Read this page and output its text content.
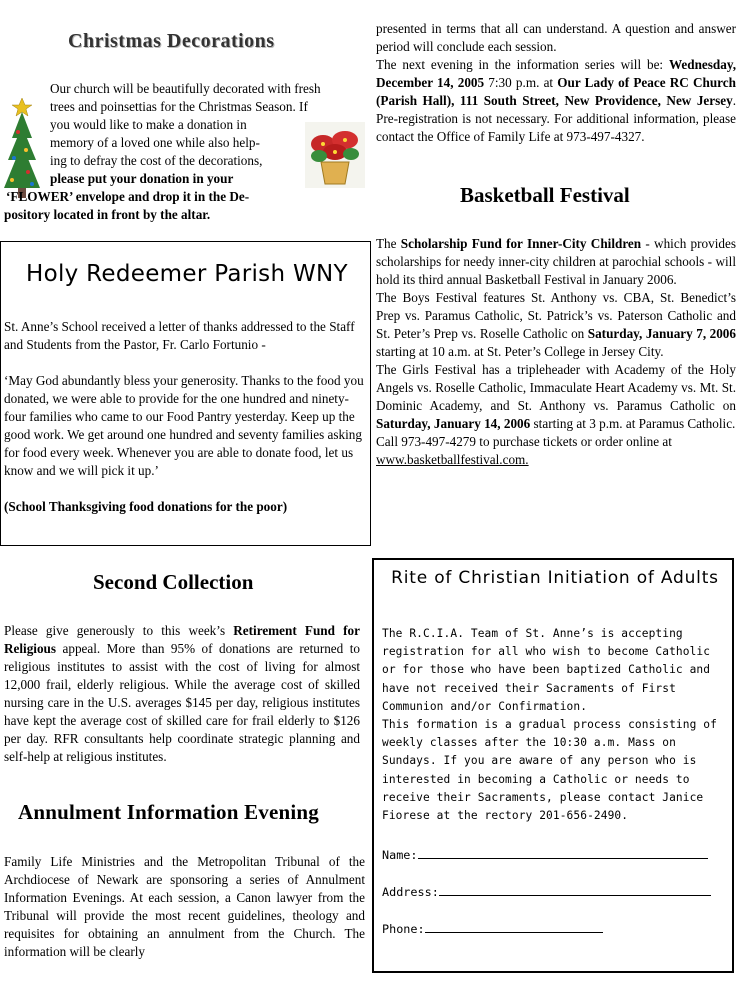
Christmas Decorations
Our church will be beautifully decorated with fresh
trees and poinsettias for the Christmas Season. If
you would like to make a donation in
memory of a loved one while also help-
ing to defray the cost of the decorations,
please put your donation in your
‘FLOWER’ envelope and drop it in the De-
pository located in front by the altar.
Holy Redeemer Parish WNY

St. Anne’s School received a letter of thanks addressed to the Staff and Students from the Pastor, Fr. Carlo Fortunio -

‘May God abundantly bless your generosity. Thanks to the food you donated, we were able to provide for the one hundred and ninety-four families who came to our Food Pantry yesterday. Keep up the good work. We get around one hundred and seventy families asking for food every week. Whenever you are able to donate food, let us know and we will pick it up.’

(School Thanksgiving food donations for the poor)

Second Collection
Please give generously to this week’s Retirement Fund for Religious appeal. More than 95% of donations are returned to religious institutes to assist with the cost of living for almost 12,000 frail, elderly religious. While the average cost of skilled nursing care in the U.S. averages $145 per day, religious institutes have kept the average cost of skilled care for frail elderly to $126 per day. RFR consultants help coordinate strategic planning and self-help at religious institutes.
Annulment Information Evening
Family Life Ministries and the Metropolitan Tribunal of the Archdiocese of Newark are sponsoring a series of Annulment Information Evenings. At each session, a Canon lawyer from the Tribunal will provide the most recent guidelines, theology and requisites for obtaining an annulment from the Church. The information will be clearly

presented in terms that all can understand. A question and answer period will conclude each session.

The next evening in the information series will be: Wednesday, December 14, 2005 7:30 p.m. at Our Lady of Peace RC Church (Parish Hall), 111 South Street, New Providence, New Jersey. Pre-registration is not necessary. For additional information, please contact the Office of Family Life at 973-497-4327.

Basketball Festival

The Scholarship Fund for Inner-City Children - which provides scholarships for needy inner-city children at parochial schools - will hold its third annual Basketball Festival in January 2006.

The Boys Festival features St. Anthony vs. CBA, St. Benedict’s Prep vs. Paramus Catholic, St. Patrick’s vs. Paterson Catholic and St. Peter’s Prep vs. Roselle Catholic on Saturday, January 7, 2006 starting at 10 a.m. at St. Peter’s College in Jersey City.

The Girls Festival has a tripleheader with Academy of the Holy Angels vs. Roselle Catholic, Immaculate Heart Academy vs. Mt. St. Dominic Academy, and St. Anthony vs. Paramus Catholic on Saturday, January 14, 2006 starting at 3 p.m. at Paramus Catholic.

Call 973-497-4279 to purchase tickets or order online at

www.basketballfestival.com.

Rite of Christian Initiation of Adults

The R.C.I.A. Team of St. Anne’s is accepting registration for all who wish to become Catholic or for those who have been baptized Catholic and have not received their Sacraments of First Communion and/or Confirmation.

This formation is a gradual process consisting of weekly classes after the 10:30 a.m. Mass on Sundays. If you are aware of any person who is interested in becoming a Catholic or needs to receive their Sacraments, please contact Janice Fiorese at the rectory 201-656-2490.

Name:
Address:
Phone:
